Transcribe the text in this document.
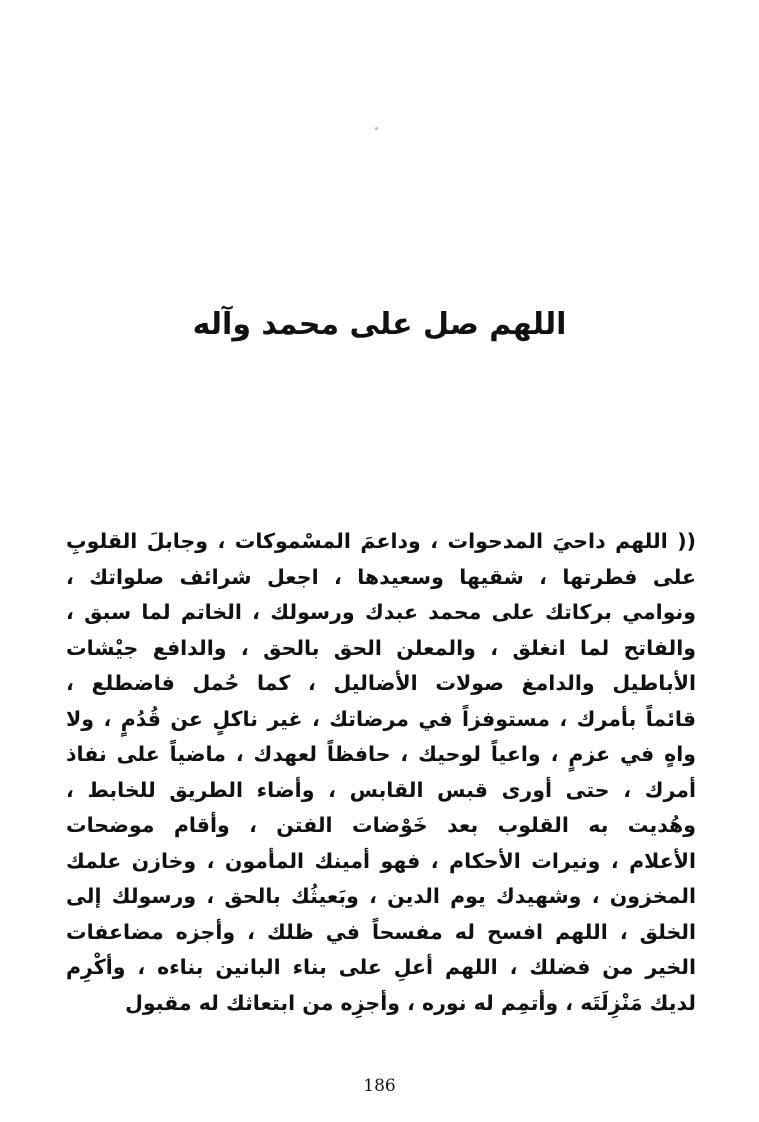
اللهم صل على محمد وآله
(( اللهم داحيَ المدحوات ، وداعمَ المسْموكات ، وجابلَ القلوبِ
على فطرتها ، شقيها وسعيدها ، اجعل شرائف صلواتك ،
ونوامي بركاتك على محمد عبدك ورسولك ، الخاتم لما سبق ،
والفاتح لما انغلق ، والمعلن الحق بالحق ، والدافع جيْشات
الأباطيل والدامغ صولات الأضاليل ، كما حُمل فاضطلع ،
قائماً بأمرك ، مستوفزاً في مرضاتك ، غير ناكلٍ عن قُدُمٍ ، ولا
واهٍ في عزمٍ ، واعياً لوحيك ، حافظاً لعهدك ، ماضياً على نفاذ
أمرك ، حتى أورى قبس القابس ، وأضاء الطريق للخابط ،
وهُديت به القلوب بعد خَوْضات الفتن ، وأقام موضحات
الأعلام ، ونيرات الأحكام ، فهو أمينك المأمون ، وخازن علمك
المخزون ، وشهيدك يوم الدين ، وبَعيثُك بالحق ، ورسولك إلى
الخلق ، اللهم افسح له مفسحاً في ظلك ، وأجزه مضاعفات
الخير من فضلك ، اللهم أعلِ على بناء البانين بناءه ، وأكْرِم
لديك مَنْزِلَتَه ، وأتمِم له نوره ، وأجزِه من ابتعاثك له مقبول

186
